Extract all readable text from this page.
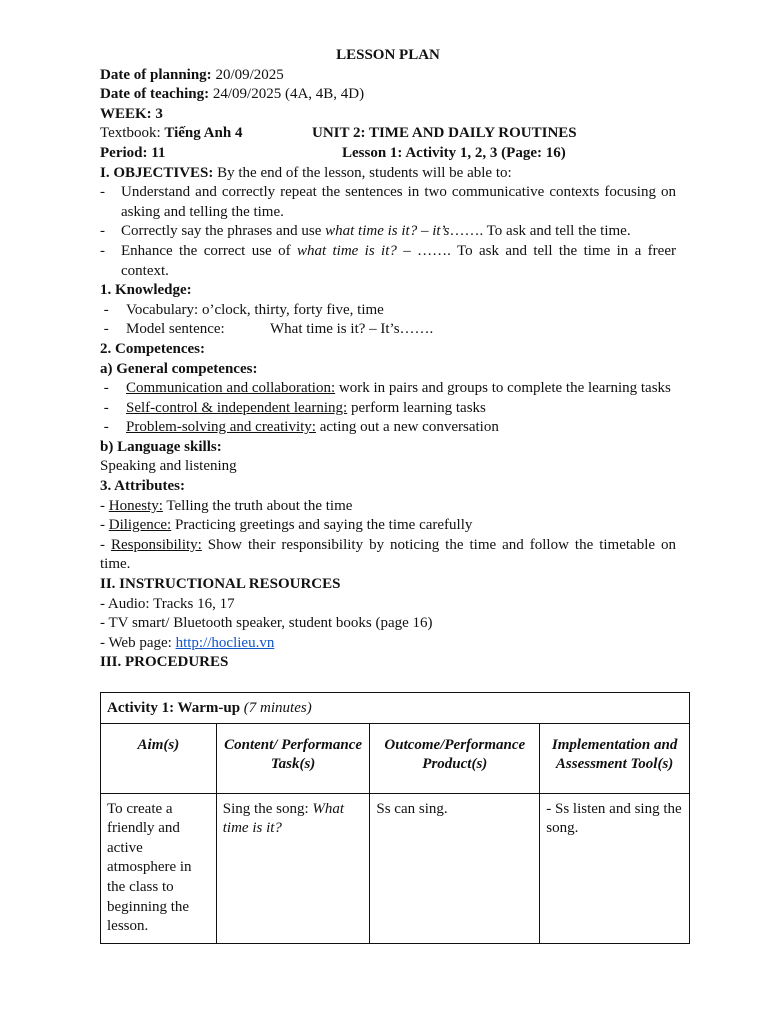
LESSON PLAN
Date of planning: 20/09/2025
Date of teaching: 24/09/2025 (4A, 4B, 4D)
WEEK: 3
Textbook: Tiếng Anh 4	UNIT 2: TIME AND DAILY ROUTINES
Period: 11	Lesson 1: Activity 1, 2, 3 (Page: 16)
I. OBJECTIVES: By the end of the lesson, students will be able to:
-	Understand and correctly repeat the sentences in two communicative contexts focusing on asking and telling the time.
-	Correctly say the phrases and use what time is it? – it’s……. To ask and tell the time.
-	Enhance the correct use of what time is it? – ……. To ask and tell the time in a freer context.
1. Knowledge:
-	Vocabulary: o’clock, thirty, forty five, time
-	Model sentence:	What time is it? – It’s…….
2. Competences:
a) General competences:
-	Communication and collaboration: work in pairs and groups to complete the learning tasks
-	Self-control & independent learning: perform learning tasks
-	Problem-solving and creativity: acting out a new conversation
b) Language skills:
Speaking and listening
3. Attributes:
- Honesty: Telling the truth about the time
- Diligence: Practicing greetings and saying the time carefully
- Responsibility: Show their responsibility by noticing the time and follow the timetable on time.
II. INSTRUCTIONAL RESOURCES
- Audio: Tracks 16, 17
- TV smart/ Bluetooth speaker, student books (page 16)
- Web page: http://hoclieu.vn
III. PROCEDURES
Activity 1: Warm-up (7 minutes)			
Aim(s)	Content/ Performance Task(s)	Outcome/Performance Product(s)	Implementation and Assessment Tool(s)
To create a friendly and active atmosphere in the class to beginning the lesson.	Sing the song: What time is it?	Ss can sing.	- Ss listen and sing the song.
